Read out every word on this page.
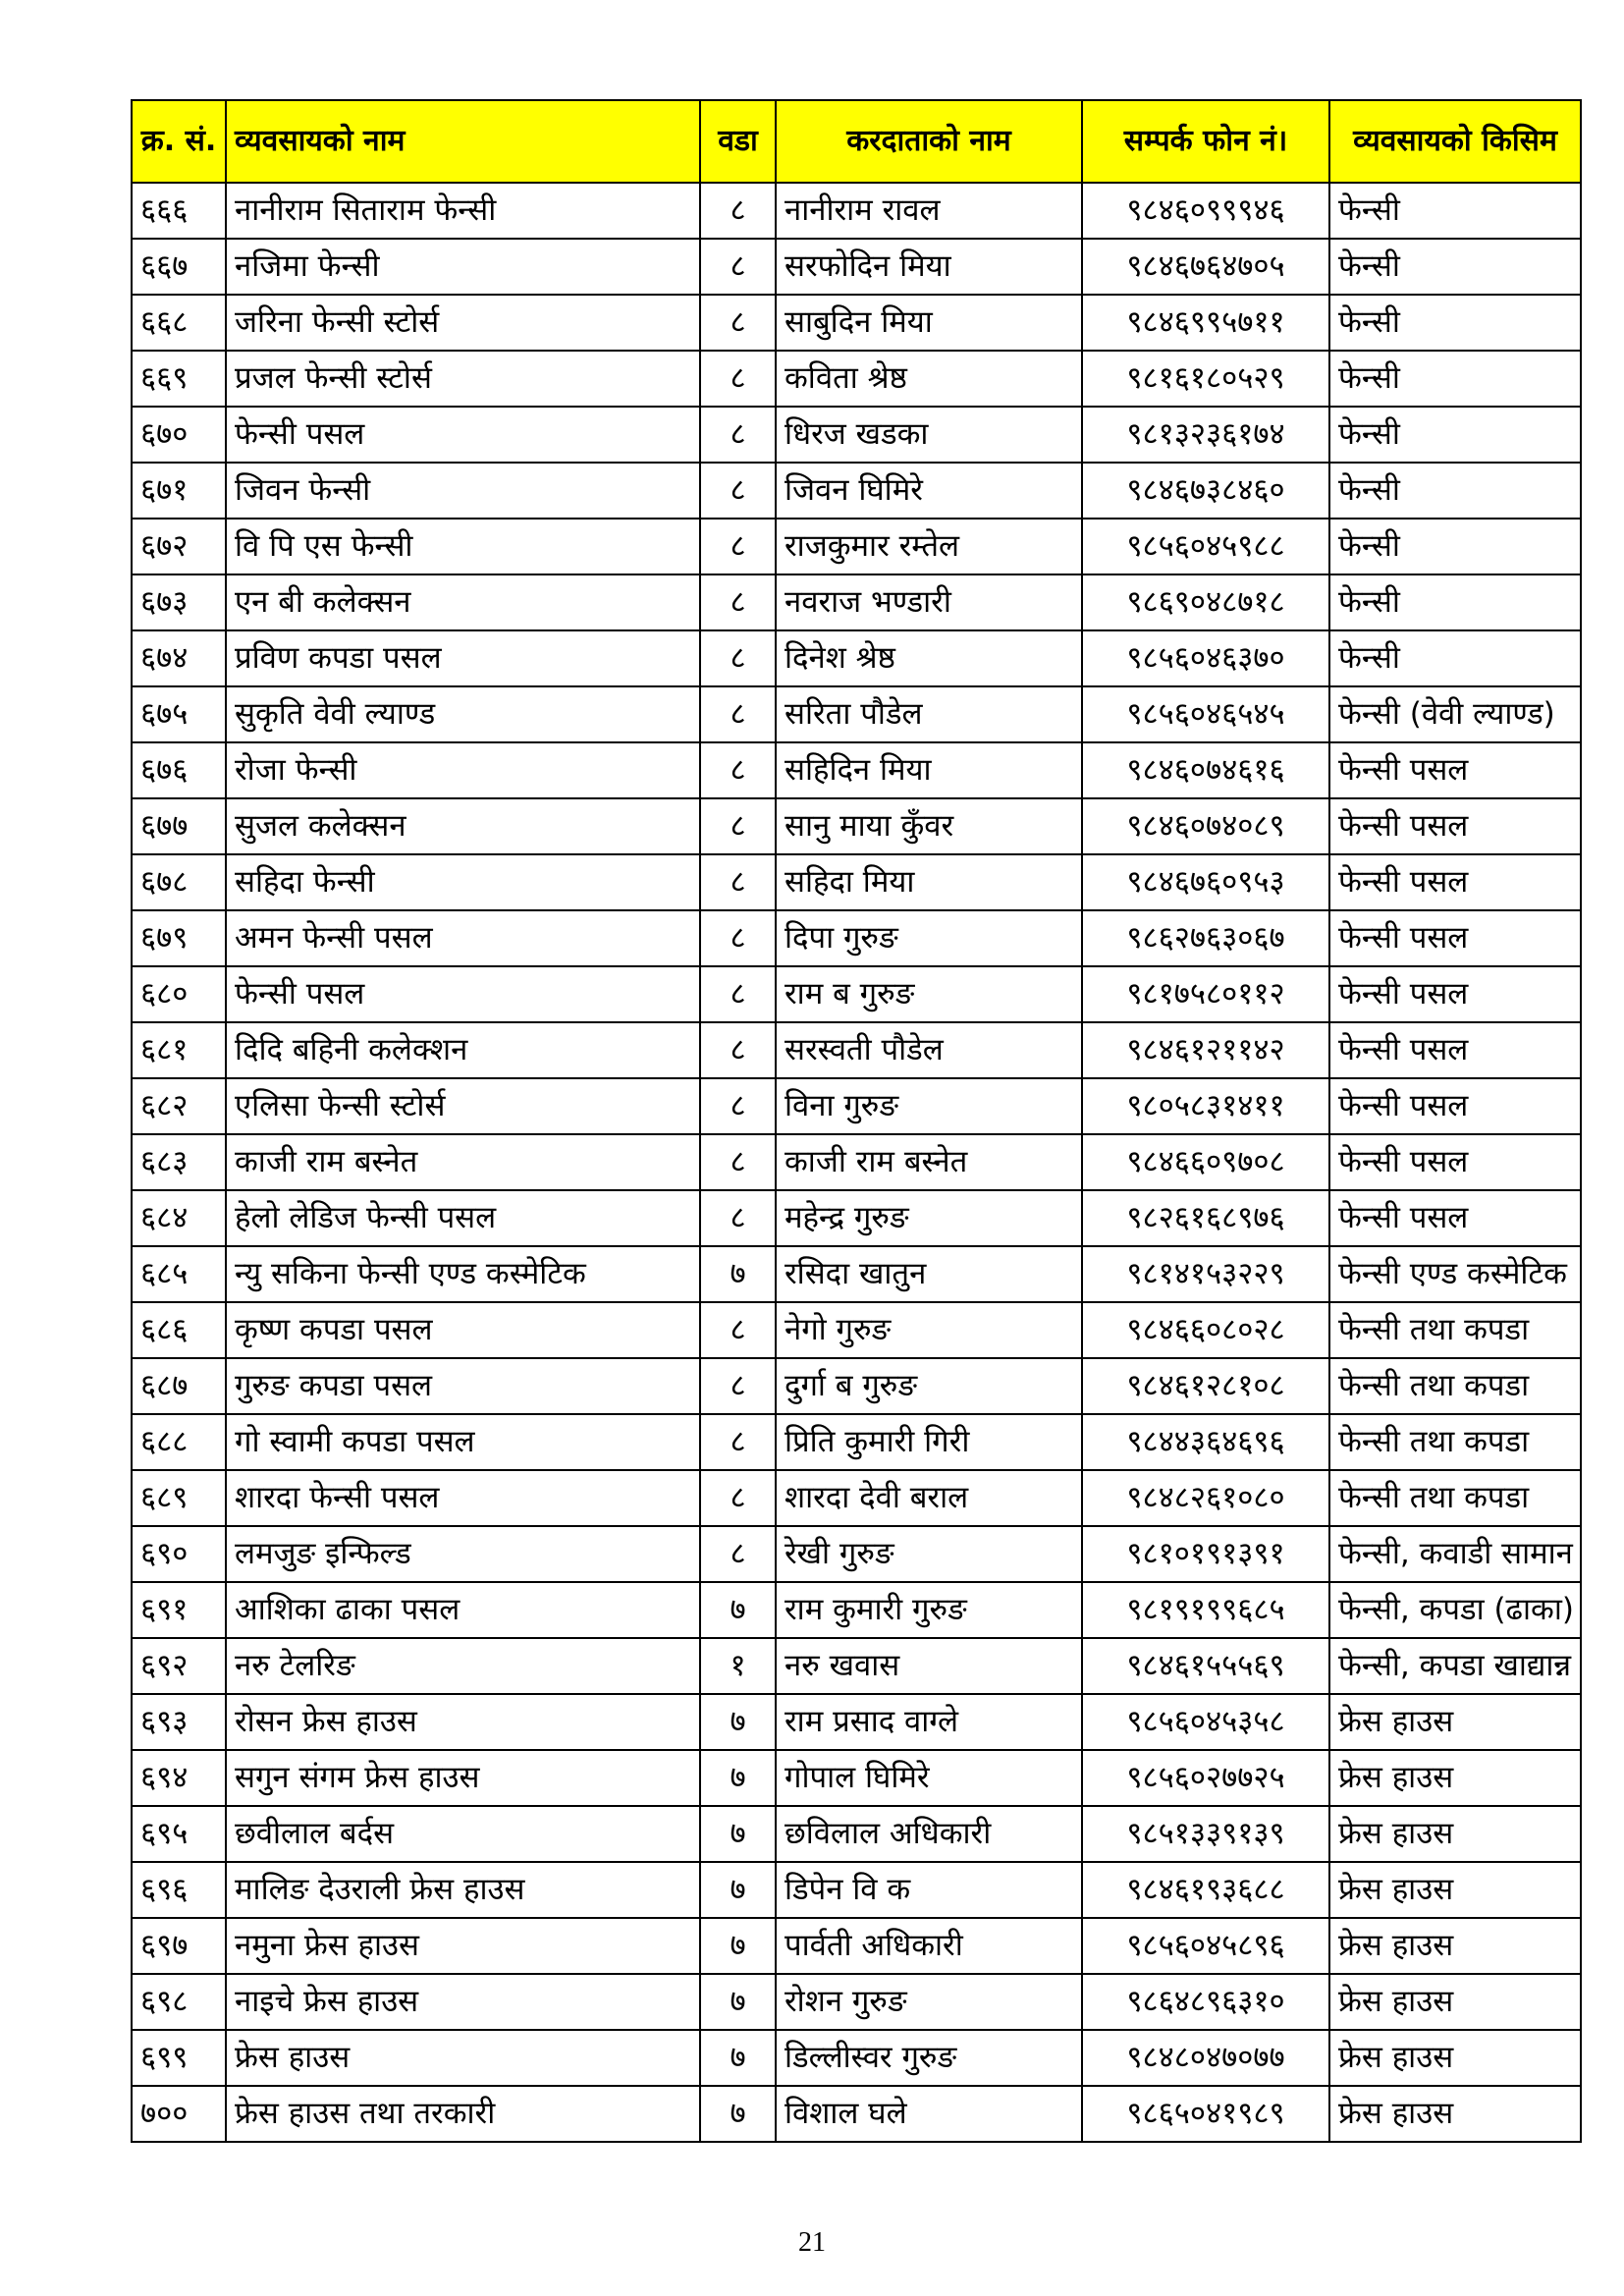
क्र. सं.	व्यवसायको नाम	वडा	करदाताको नाम	सम्पर्क फोन नं।	व्यवसायको किसिम
६६६	नानीराम सिताराम फेन्सी	८	नानीराम रावल	९८४६०९९९४६	फेन्सी
६६७	नजिमा फेन्सी	८	सरफोदिन मिया	९८४६७६४७०५	फेन्सी
६६८	जरिना फेन्सी स्टोर्स	८	साबुदिन मिया	९८४६९९५७११	फेन्सी
६६९	प्रजल फेन्सी स्टोर्स	८	कविता श्रेष्ठ	९८१६१८०५२९	फेन्सी
६७०	फेन्सी पसल	८	धिरज खडका	९८१३२३६१७४	फेन्सी
६७१	जिवन फेन्सी	८	जिवन घिमिरे	९८४६७३८४६०	फेन्सी
६७२	वि पि एस फेन्सी	८	राजकुमार रम्तेल	९८५६०४५९८८	फेन्सी
६७३	एन बी कलेक्सन	८	नवराज भण्डारी	९८६९०४८७१८	फेन्सी
६७४	प्रविण कपडा पसल	८	दिनेश श्रेष्ठ	९८५६०४६३७०	फेन्सी
६७५	सुकृति वेवी ल्याण्ड	८	सरिता पौडेल	९८५६०४६५४५	फेन्सी (वेवी ल्याण्ड)
६७६	रोजा फेन्सी	८	सहिदिन मिया	९८४६०७४६१६	फेन्सी पसल
६७७	सुजल कलेक्सन	८	सानु माया कुँवर	९८४६०७४०८९	फेन्सी पसल
६७८	सहिदा फेन्सी	८	सहिदा मिया	९८४६७६०९५३	फेन्सी पसल
६७९	अमन फेन्सी पसल	८	दिपा गुरुङ	९८६२७६३०६७	फेन्सी पसल
६८०	फेन्सी पसल	८	राम ब गुरुङ	९८१७५८०११२	फेन्सी पसल
६८१	दिदि बहिनी कलेक्शन	८	सरस्वती पौडेल	९८४६१२११४२	फेन्सी पसल
६८२	एलिसा फेन्सी स्टोर्स	८	विना गुरुङ	९८०५८३१४११	फेन्सी पसल
६८३	काजी राम बस्नेत	८	काजी राम बस्नेत	९८४६६०९७०८	फेन्सी पसल
६८४	हेलो लेडिज फेन्सी पसल	८	महेन्द्र गुरुङ	९८२६१६८९७६	फेन्सी पसल
६८५	न्यु सकिना फेन्सी एण्ड कस्मेटिक	७	रसिदा खातुन	९८१४१५३२२९	फेन्सी एण्ड कस्मेटिक
६८६	कृष्ण कपडा पसल	८	नेगो गुरुङ	९८४६६०८०२८	फेन्सी तथा कपडा
६८७	गुरुङ कपडा पसल	८	दुर्गा ब गुरुङ	९८४६१२८१०८	फेन्सी तथा कपडा
६८८	गो स्वामी कपडा पसल	८	प्रिति कुमारी गिरी	९८४४३६४६९६	फेन्सी तथा कपडा
६८९	शारदा फेन्सी पसल	८	शारदा देवी बराल	९८४८२६१०८०	फेन्सी तथा कपडा
६९०	लमजुङ इन्फिल्ड	८	रेखी गुरुङ	९८१०१९१३९१	फेन्सी, कवाडी सामान
६९१	आशिका ढाका पसल	७	राम कुमारी गुरुङ	९८१९१९९६८५	फेन्सी, कपडा (ढाका)
६९२	नरु टेलरिङ	१	नरु खवास	९८४६१५५५६९	फेन्सी, कपडा खाद्यान्न
६९३	रोसन फ्रेस हाउस	७	राम प्रसाद वाग्ले	९८५६०४५३५८	फ्रेस हाउस
६९४	सगुन संगम फ्रेस हाउस	७	गोपाल घिमिरे	९८५६०२७७२५	फ्रेस हाउस
६९५	छवीलाल बर्दस	७	छविलाल अधिकारी	९८५१३३९१३९	फ्रेस हाउस
६९६	मालिङ देउराली फ्रेस हाउस	७	डिपेन वि क	९८४६१९३६८८	फ्रेस हाउस
६९७	नमुना फ्रेस हाउस	७	पार्वती अधिकारी	९८५६०४५८९६	फ्रेस हाउस
६९८	नाइचे फ्रेस हाउस	७	रोशन गुरुङ	९८६४८९६३१०	फ्रेस हाउस
६९९	फ्रेस हाउस	७	डिल्लीस्वर गुरुङ	९८४८०४७०७७	फ्रेस हाउस
७००	फ्रेस हाउस तथा तरकारी	७	विशाल घले	९८६५०४१९८९	फ्रेस हाउस
21
